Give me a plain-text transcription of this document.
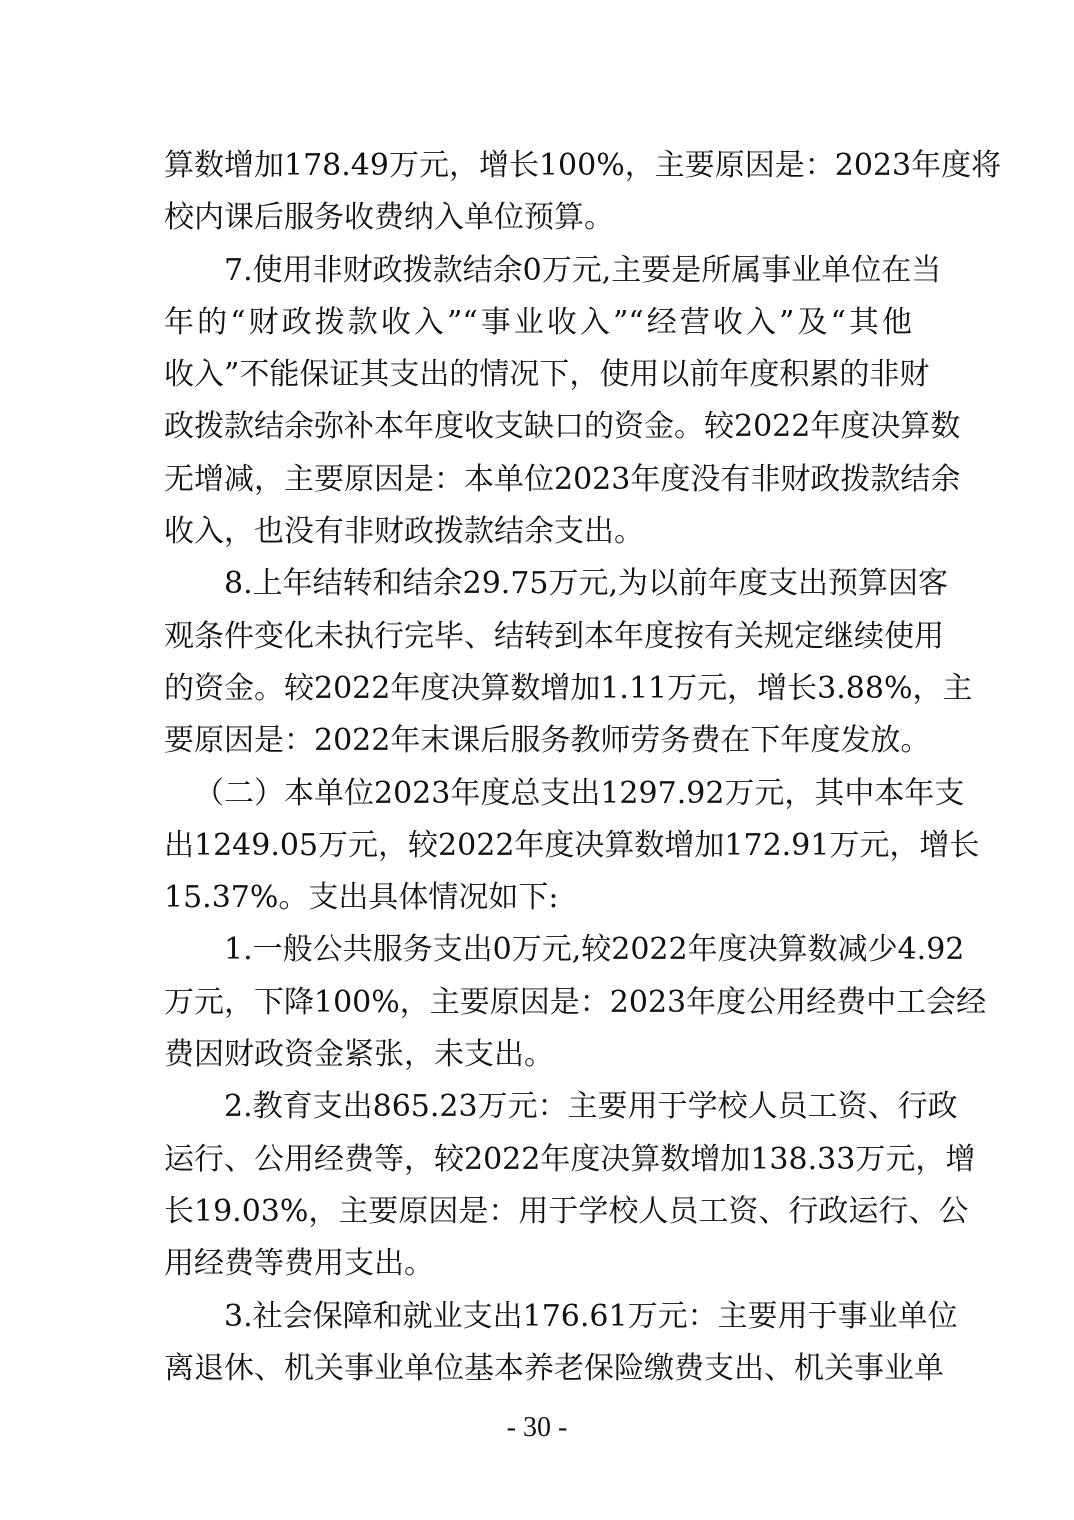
算数增加178.49万元，增长100%，主要原因是：2023年度将
校内课后服务收费纳入单位预算。
7.使用非财政拨款结余0万元,主要是所属事业单位在当
年的“财政拨款收入”“事业收入”“经营收入”及“其他
收入”不能保证其支出的情况下，使用以前年度积累的非财
政拨款结余弥补本年度收支缺口的资金。较2022年度决算数
无增减，主要原因是：本单位2023年度没有非财政拨款结余
收入，也没有非财政拨款结余支出。
8.上年结转和结余29.75万元,为以前年度支出预算因客
观条件变化未执行完毕、结转到本年度按有关规定继续使用
的资金。较2022年度决算数增加1.11万元，增长3.88%，主
要原因是：2022年末课后服务教师劳务费在下年度发放。
（二）本单位2023年度总支出1297.92万元，其中本年支
出1249.05万元，较2022年度决算数增加172.91万元，增长
15.37%。支出具体情况如下:
1.一般公共服务支出0万元,较2022年度决算数减少4.92
万元，下降100%，主要原因是：2023年度公用经费中工会经
费因财政资金紧张，未支出。
2.教育支出865.23万元：主要用于学校人员工资、行政
运行、公用经费等，较2022年度决算数增加138.33万元，增
长19.03%，主要原因是：用于学校人员工资、行政运行、公
用经费等费用支出。
3.社会保障和就业支出176.61万元：主要用于事业单位
离退休、机关事业单位基本养老保险缴费支出、机关事业单
- 30 -
